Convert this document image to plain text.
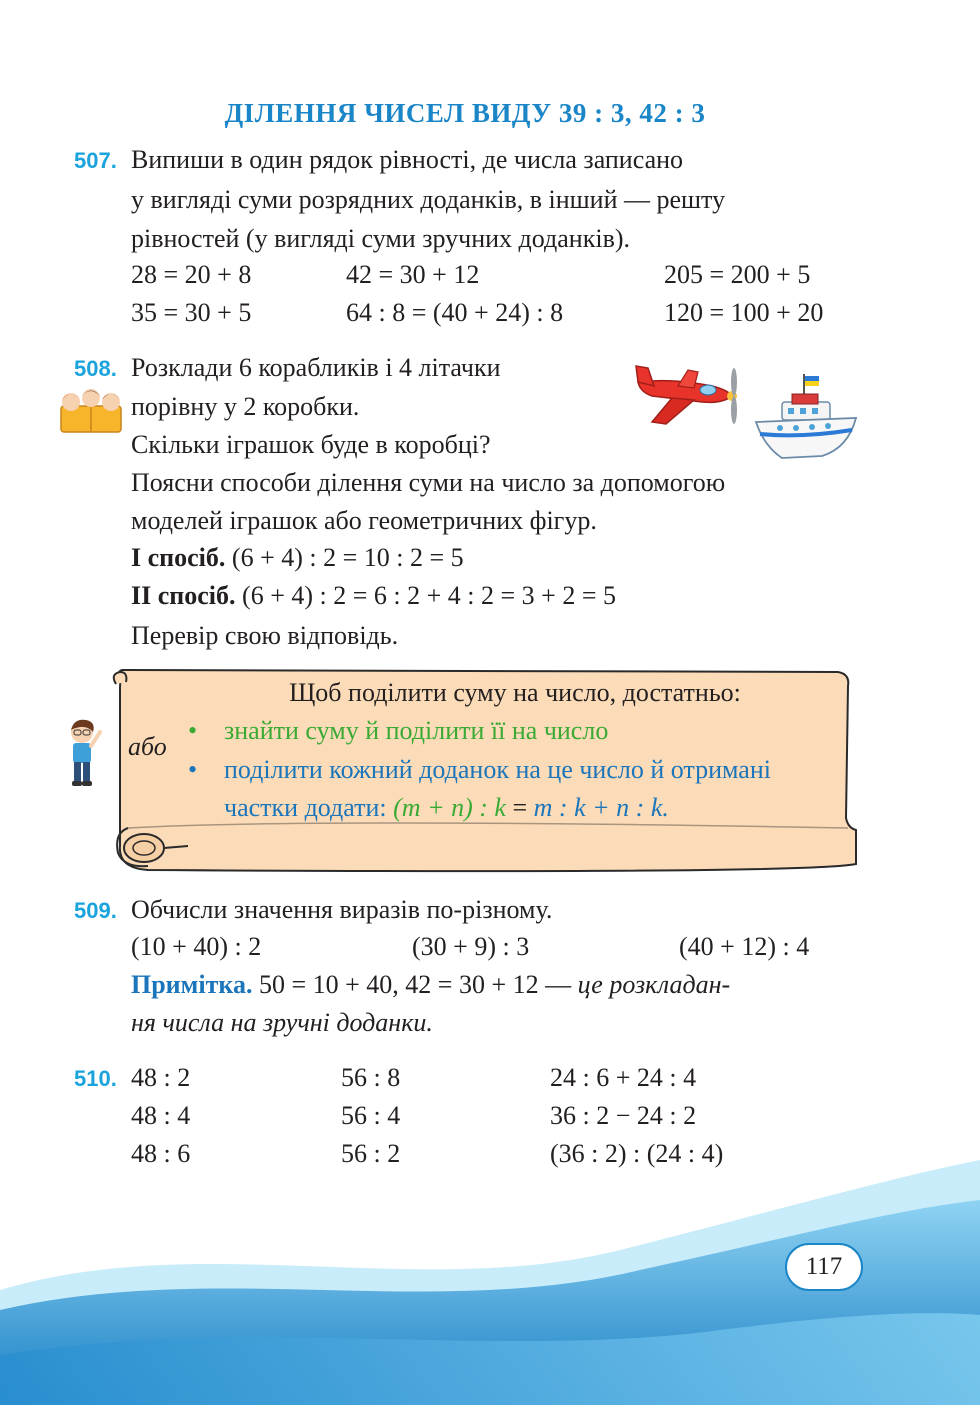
ДІЛЕННЯ ЧИСЕЛ ВИДУ 39 : 3, 42 : 3
507. Випиши в один рядок рівності, де числа записано
у вигляді суми розрядних доданків, в інший — решту
рівностей (у вигляді суми зручних доданків).
28 = 20 + 8	42 = 30 + 12	205 = 200 + 5
35 = 30 + 5	64 : 8 = (40 + 24) : 8	120 = 100 + 20
508. Розклади 6 корабликів і 4 літачки
порівну у 2 коробки.
Скільки іграшок буде в коробці?
Поясни способи ділення суми на число за допомогою
моделей іграшок або геометричних фігур.
І спосіб. (6 + 4) : 2 = 10 : 2 = 5
ІІ спосіб. (6 + 4) : 2 = 6 : 2 + 4 : 2 = 3 + 2 = 5
Перевір свою відповідь.
Щоб поділити суму на число, достатньо:
або
• знайти суму й поділити її на число
• поділити кожний доданок на це число й отримані
частки додати: (m + n) : k = m : k + n : k.
509. Обчисли значення виразів по-різному.
(10 + 40) : 2	(30 + 9) : 3	(40 + 12) : 4
Примітка. 50 = 10 + 40, 42 = 30 + 12 — це розкладан-
ня числа на зручні доданки.
510. 48 : 2	56 : 8	24 : 6 + 24 : 4
48 : 4	56 : 4	36 : 2 − 24 : 2
48 : 6	56 : 2	(36 : 2) : (24 : 4)
117
